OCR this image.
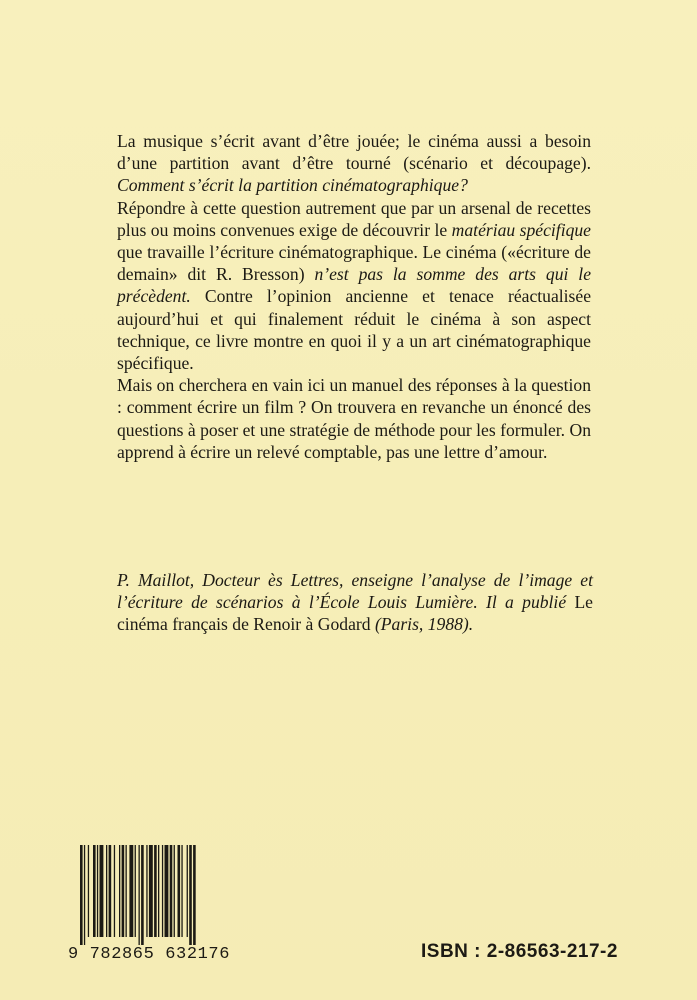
La musique s’écrit avant d’être jouée; le cinéma aussi a besoin d’une partition avant d’être tourné (scénario et découpage). Comment s’écrit la partition cinématographique?

Répondre à cette question autrement que par un arsenal de recettes plus ou moins convenues exige de découvrir le matériau spécifique que travaille l’écriture cinématographique. Le cinéma («écriture de demain» dit R. Bresson) n’est pas la somme des arts qui le précèdent. Contre l’opinion ancienne et tenace réactualisée aujourd’hui et qui finalement réduit le cinéma à son aspect technique, ce livre montre en quoi il y a un art cinématographique spécifique.

Mais on cherchera en vain ici un manuel des réponses à la question : comment écrire un film ? On trouvera en revanche un énoncé des questions à poser et une stratégie de méthode pour les formuler. On apprend à écrire un relevé comptable, pas une lettre d’amour.

P. Maillot, Docteur ès Lettres, enseigne l’analyse de l’image et l’écriture de scénarios à l’École Louis Lumière. Il a publié Le cinéma français de Renoir à Godard (Paris, 1988).
9 782865 632176	ISBN : 2-86563-217-2
